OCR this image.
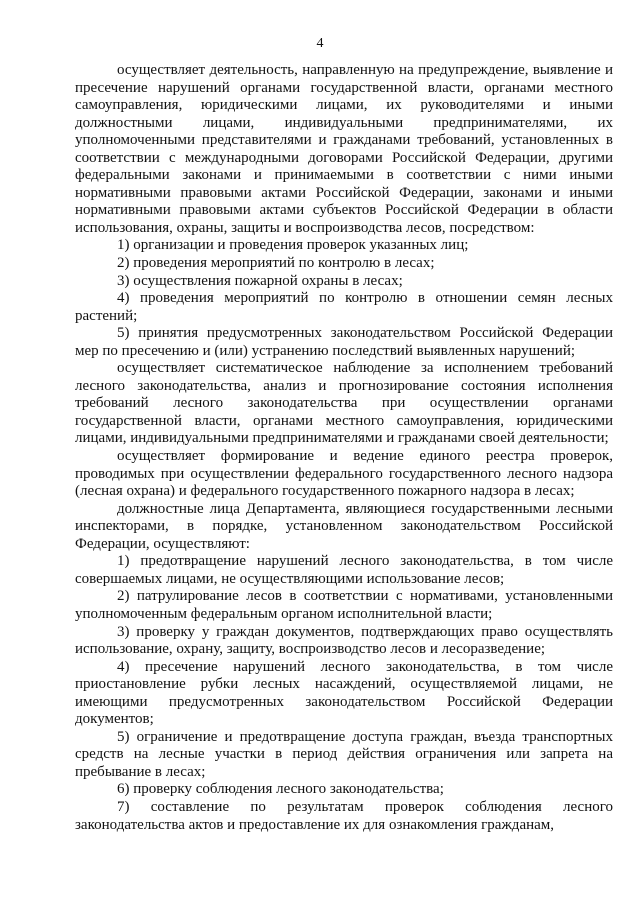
4

осуществляет деятельность, направленную на предупреждение, выявление и пресечение нарушений органами государственной власти, органами местного самоуправления, юридическими лицами, их руководителями и иными должностными лицами, индивидуальными предпринимателями, их уполномоченными представителями и гражданами требований, установленных в соответствии с международными договорами Российской Федерации, другими федеральными законами и принимаемыми в соответствии с ними иными нормативными правовыми актами Российской Федерации, законами и иными нормативными правовыми актами субъектов Российской Федерации в области использования, охраны, защиты и воспроизводства лесов, посредством:

1) организации и проведения проверок указанных лиц;

2) проведения мероприятий по контролю в лесах;

3) осуществления пожарной охраны в лесах;

4) проведения мероприятий по контролю в отношении семян лесных растений;

5) принятия предусмотренных законодательством Российской Федерации мер по пресечению и (или) устранению последствий выявленных нарушений;

осуществляет систематическое наблюдение за исполнением требований лесного законодательства, анализ и прогнозирование состояния исполнения требований лесного законодательства при осуществлении органами государственной власти, органами местного самоуправления, юридическими лицами, индивидуальными предпринимателями и гражданами своей деятельности;

осуществляет формирование и ведение единого реестра проверок, проводимых при осуществлении федерального государственного лесного надзора (лесная охрана) и федерального государственного пожарного надзора в лесах;

должностные лица Департамента, являющиеся государственными лесными инспекторами, в порядке, установленном законодательством Российской Федерации, осуществляют:

1) предотвращение нарушений лесного законодательства, в том числе совершаемых лицами, не осуществляющими использование лесов;

2) патрулирование лесов в соответствии с нормативами, установленными уполномоченным федеральным органом исполнительной власти;

3) проверку у граждан документов, подтверждающих право осуществлять использование, охрану, защиту, воспроизводство лесов и лесоразведение;

4) пресечение нарушений лесного законодательства, в том числе приостановление рубки лесных насаждений, осуществляемой лицами, не имеющими предусмотренных законодательством Российской Федерации документов;

5) ограничение и предотвращение доступа граждан, въезда транспортных средств на лесные участки в период действия ограничения или запрета на пребывание в лесах;

6) проверку соблюдения лесного законодательства;

7) составление по результатам проверок соблюдения лесного законодательства актов и предоставление их для ознакомления гражданам,
